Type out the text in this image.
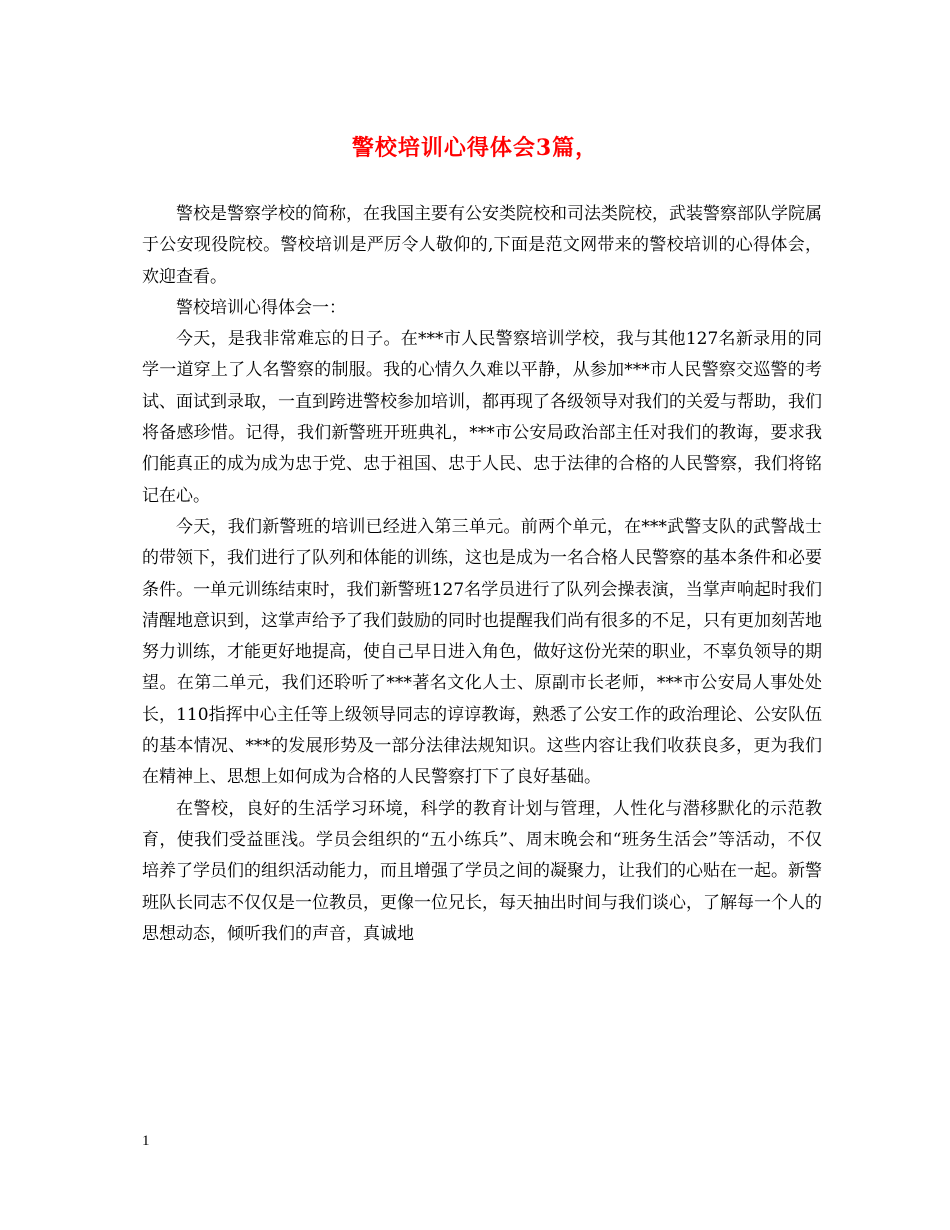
警校培训心得体会3篇，

警校是警察学校的简称，在我国主要有公安类院校和司法类院校，武装警察部队学院属于公安现役院校。警校培训是严厉令人敬仰的,下面是范文网带来的警校培训的心得体会，欢迎查看。

警校培训心得体会一：

今天，是我非常难忘的日子。在***市人民警察培训学校，我与其他127名新录用的同学一道穿上了人名警察的制服。我的心情久久难以平静，从参加***市人民警察交巡警的考试、面试到录取，一直到跨进警校参加培训，都再现了各级领导对我们的关爱与帮助，我们将备感珍惜。记得，我们新警班开班典礼，***市公安局政治部主任对我们的教诲，要求我们能真正的成为成为忠于党、忠于祖国、忠于人民、忠于法律的合格的人民警察，我们将铭记在心。

今天，我们新警班的培训已经进入第三单元。前两个单元，在***武警支队的武警战士的带领下，我们进行了队列和体能的训练，这也是成为一名合格人民警察的基本条件和必要条件。一单元训练结束时，我们新警班127名学员进行了队列会操表演，当掌声响起时我们清醒地意识到，这掌声给予了我们鼓励的同时也提醒我们尚有很多的不足，只有更加刻苦地努力训练，才能更好地提高，使自己早日进入角色，做好这份光荣的职业，不辜负领导的期望。在第二单元，我们还聆听了***著名文化人士、原副市长老师，***市公安局人事处处长，110指挥中心主任等上级领导同志的谆谆教诲，熟悉了公安工作的政治理论、公安队伍的基本情况、***的发展形势及一部分法律法规知识。这些内容让我们收获良多，更为我们在精神上、思想上如何成为合格的人民警察打下了良好基础。

在警校，良好的生活学习环境，科学的教育计划与管理，人性化与潜移默化的示范教育，使我们受益匪浅。学员会组织的“五小练兵”、周末晚会和“班务生活会”等活动，不仅培养了学员们的组织活动能力，而且增强了学员之间的凝聚力，让我们的心贴在一起。新警班队长同志不仅仅是一位教员，更像一位兄长，每天抽出时间与我们谈心，了解每一个人的思想动态，倾听我们的声音，真诚地

1
